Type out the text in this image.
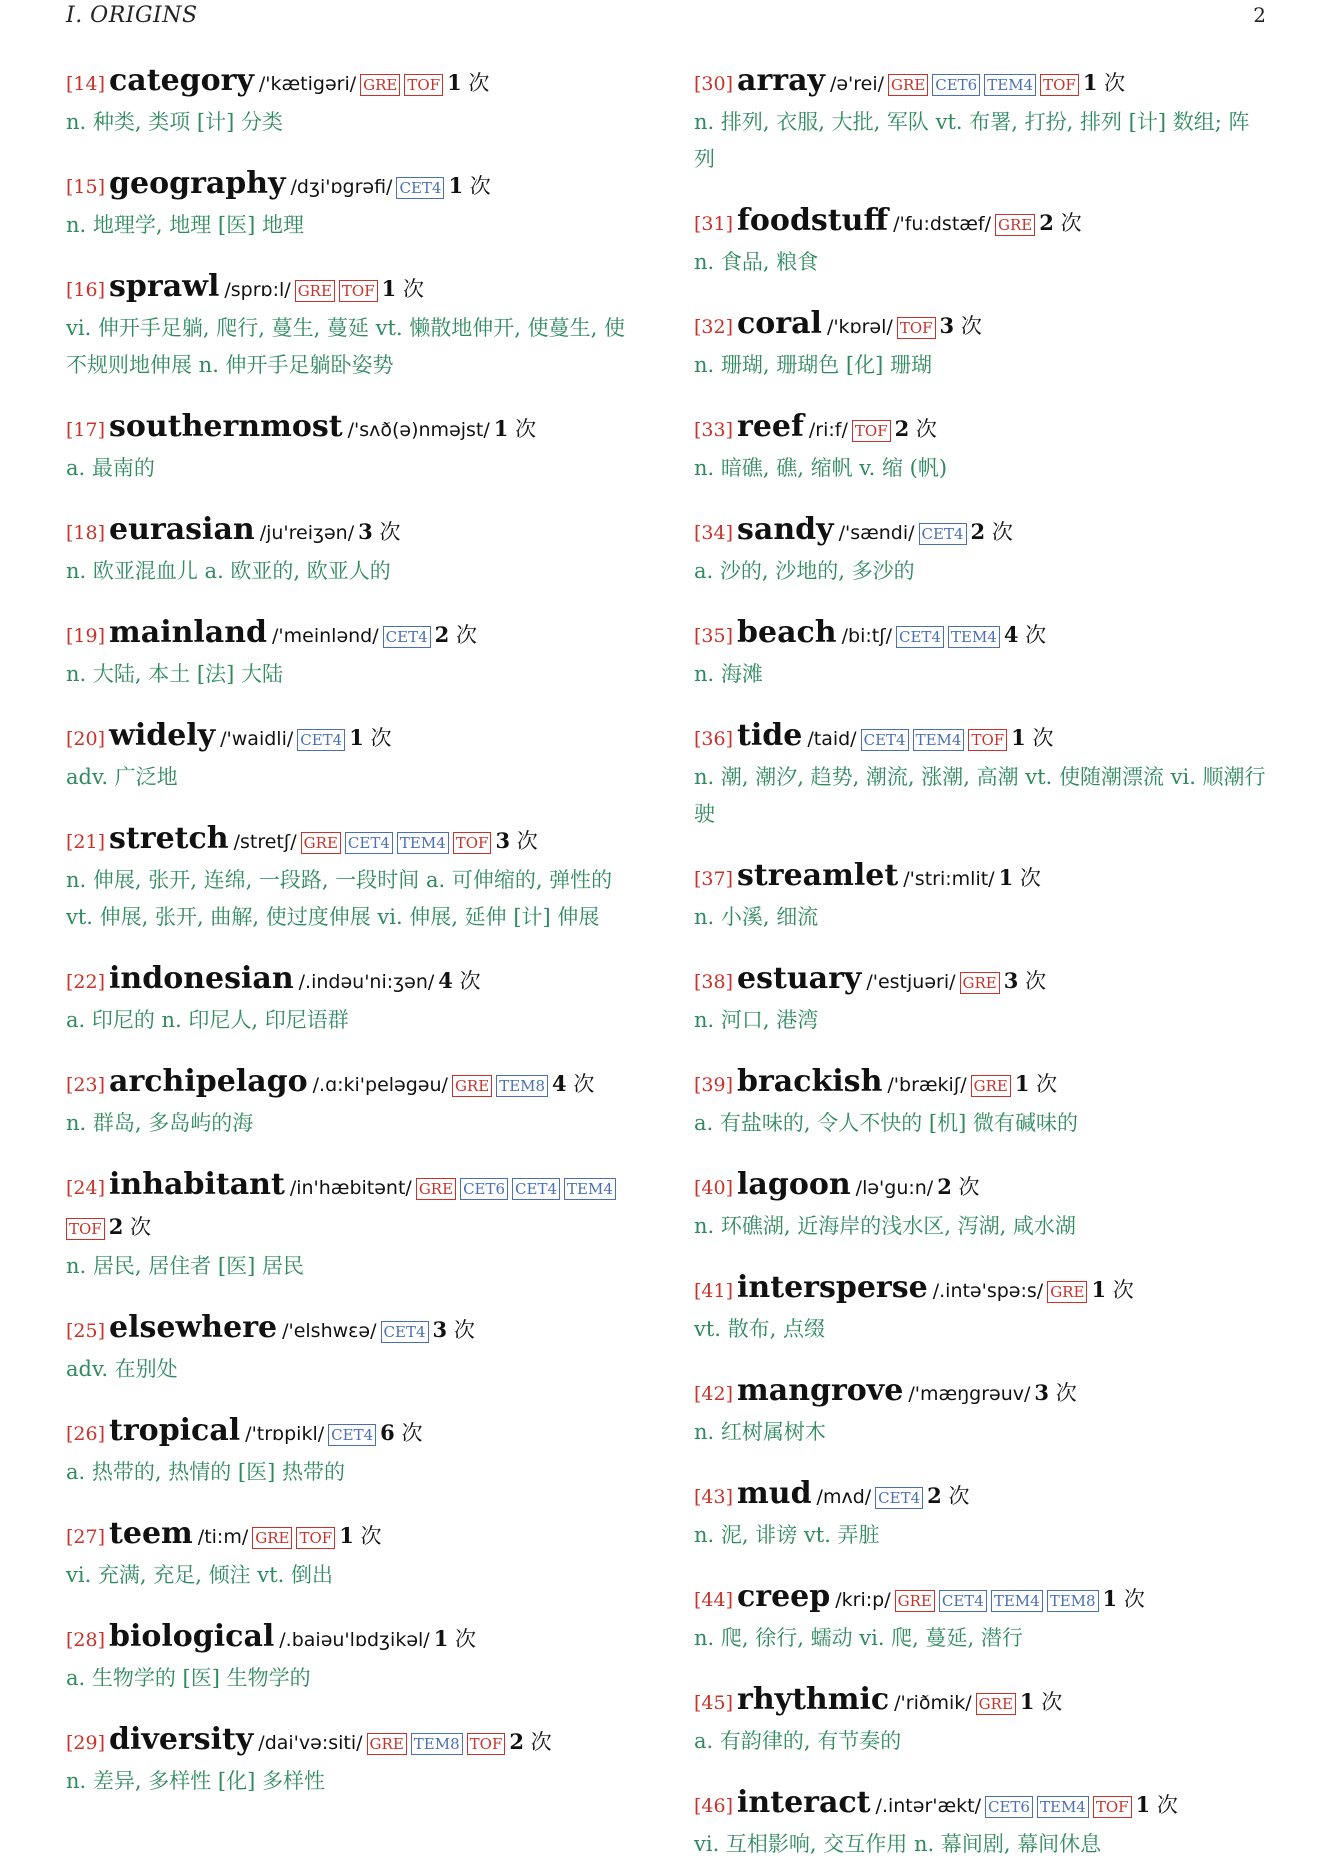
I. ORIGINS	2
[14] category /'kætigəri/ GRE TOF 1 次
n. 种类, 类项 [计] 分类
[15] geography /dʒi'ɒgrəfi/ CET4 1 次
n. 地理学, 地理 [医] 地理
[16] sprawl /sprɒ:l/ GRE TOF 1 次
vi. 伸开手足躺, 爬行, 蔓生, 蔓延 vt. 懒散地伸开, 使蔓生, 使不规则地伸展 n. 伸开手足躺卧姿势
[17] southernmost /'sʌð(ə)nməjst/ 1 次
a. 最南的
[18] eurasian /ju'reiʒən/ 3 次
n. 欧亚混血儿 a. 欧亚的, 欧亚人的
[19] mainland /'meinlənd/ CET4 2 次
n. 大陆, 本土 [法] 大陆
[20] widely /'waidli/ CET4 1 次
adv. 广泛地
[21] stretch /stretʃ/ GRE CET4 TEM4 TOF 3 次
n. 伸展, 张开, 连绵, 一段路, 一段时间 a. 可伸缩的, 弹性的 vt. 伸展, 张开, 曲解, 使过度伸展 vi. 伸展, 延伸 [计] 伸展
[22] indonesian /.indəu'ni:ʒən/ 4 次
a. 印尼的 n. 印尼人, 印尼语群
[23] archipelago /.ɑ:ki'peləgəu/ GRE TEM8 4 次
n. 群岛, 多岛屿的海
[24] inhabitant /in'hæbitənt/ GRE CET6 CET4 TEM4TOF 2 次
n. 居民, 居住者 [医] 居民
[25] elsewhere /'elshwɛə/ CET4 3 次
adv. 在别处
[26] tropical /'trɒpikl/ CET4 6 次
a. 热带的, 热情的 [医] 热带的
[27] teem /ti:m/ GRE TOF 1 次
vi. 充满, 充足, 倾注 vt. 倒出
[28] biological /.baiəu'lɒdʒikəl/ 1 次
a. 生物学的 [医] 生物学的
[29] diversity /dai'və:siti/ GRE TEM8 TOF 2 次
n. 差异, 多样性 [化] 多样性
[30] array /ə'rei/ GRE CET6 TEM4 TOF 1 次
n. 排列, 衣服, 大批, 军队 vt. 布署, 打扮, 排列 [计] 数组; 阵列
[31] foodstuff /'fu:dstæf/ GRE 2 次
n. 食品, 粮食
[32] coral /'kɒrəl/ TOF 3 次
n. 珊瑚, 珊瑚色 [化] 珊瑚
[33] reef /ri:f/ TOF 2 次
n. 暗礁, 礁, 缩帆 v. 缩 (帆)
[34] sandy /'sændi/ CET4 2 次
a. 沙的, 沙地的, 多沙的
[35] beach /bi:tʃ/ CET4 TEM4 4 次
n. 海滩
[36] tide /taid/ CET4 TEM4 TOF 1 次
n. 潮, 潮汐, 趋势, 潮流, 涨潮, 高潮 vt. 使随潮漂流 vi. 顺潮行驶
[37] streamlet /'stri:mlit/ 1 次
n. 小溪, 细流
[38] estuary /'estjuəri/ GRE 3 次
n. 河口, 港湾
[39] brackish /'brækiʃ/ GRE 1 次
a. 有盐味的, 令人不快的 [机] 微有碱味的
[40] lagoon /lə'gu:n/ 2 次
n. 环礁湖, 近海岸的浅水区, 泻湖, 咸水湖
[41] intersperse /.intə'spə:s/ GRE 1 次
vt. 散布, 点缀
[42] mangrove /'mæŋgrəuv/ 3 次
n. 红树属树木
[43] mud /mʌd/ CET4 2 次
n. 泥, 诽谤 vt. 弄脏
[44] creep /kri:p/ GRE CET4 TEM4 TEM8 1 次
n. 爬, 徐行, 蠕动 vi. 爬, 蔓延, 潜行
[45] rhythmic /'riðmik/ GRE 1 次
a. 有韵律的, 有节奏的
[46] interact /.intər'ækt/ CET6 TEM4 TOF 1 次
vi. 互相影响, 交互作用 n. 幕间剧, 幕间休息
